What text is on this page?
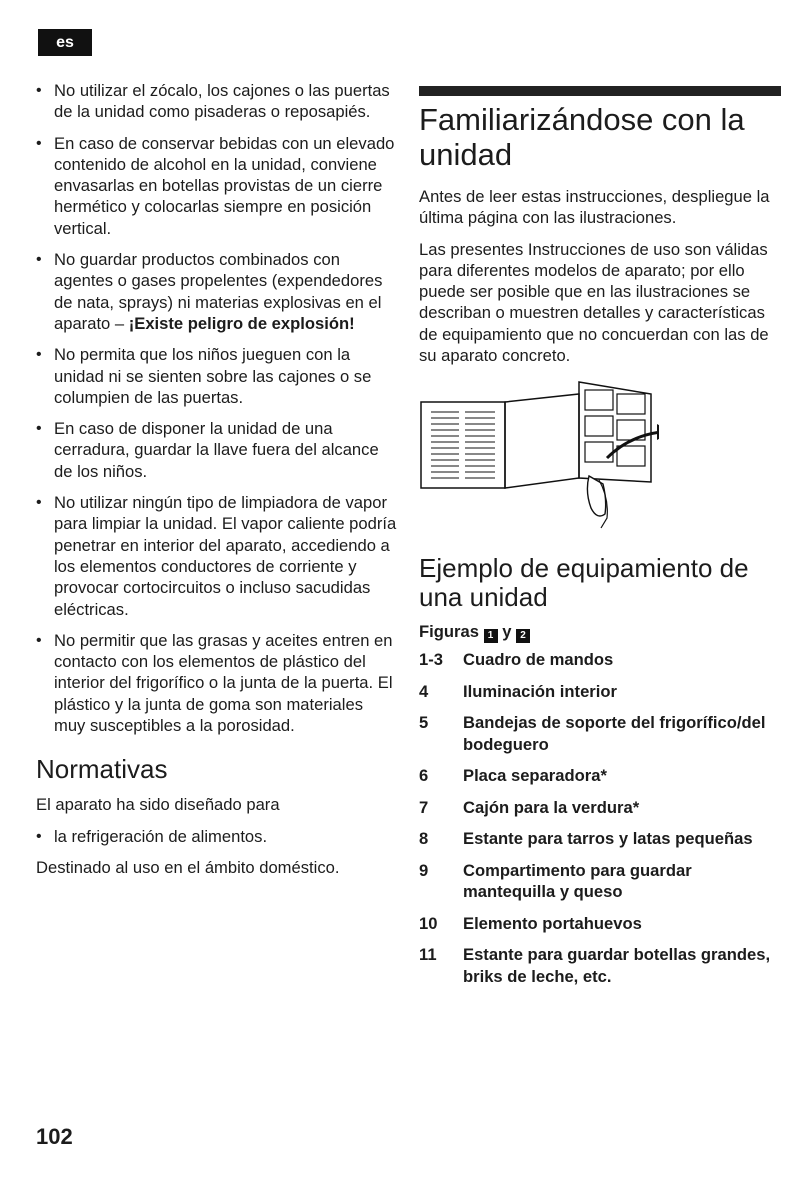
es
• No utilizar el zócalo, los cajones o las puertas de la unidad como pisaderas o reposapiés.
• En caso de conservar bebidas con un elevado contenido de alcohol en la unidad, conviene envasarlas en botellas provistas de un cierre hermético y colocarlas siempre en posición vertical.
• No guardar productos combinados con agentes o gases propelentes (expendedores de nata, sprays) ni materias explosivas en el aparato – ¡Existe peligro de explosión!
• No permita que los niños jueguen con la unidad ni se sienten sobre las cajones o se columpien de las puertas.
• En caso de disponer la unidad de una cerradura, guardar la llave fuera del alcance de los niños.
• No utilizar ningún tipo de limpiadora de vapor para limpiar la unidad. El vapor caliente podría penetrar en interior del aparato, accediendo a los elementos conductores de corriente y provocar cortocircuitos o incluso sacudidas eléctricas.
• No permitir que las grasas y aceites entren en contacto con los elementos de plástico del interior del frigorífico o la junta de la puerta. El plástico y la junta de goma son materiales muy susceptibles a la porosidad.
Normativas

El aparato ha sido diseñado para

• la refrigeración de alimentos.

Destinado al uso en el ámbito doméstico.

Familiarizándose con la unidad

Antes de leer estas instrucciones, despliegue la última página con las ilustraciones.

Las presentes Instrucciones de uso son válidas para diferentes modelos de aparato; por ello puede ser posible que en las ilustraciones se describan o muestren detalles y características de equipamiento que no concuerdan con las de su aparato concreto.

Ejemplo de equipamiento de una unidad
Figuras 1 y 2
1-3	Cuadro de mandos
4	Iluminación interior
5	Bandejas de soporte del frigorífico/del bodeguero
6	Placa separadora*
7	Cajón para la verdura*
8	Estante para tarros y latas pequeñas
9	Compartimento para guardar mantequilla y queso
10	Elemento portahuevos
11	Estante para guardar botellas grandes, briks de leche, etc.
102
